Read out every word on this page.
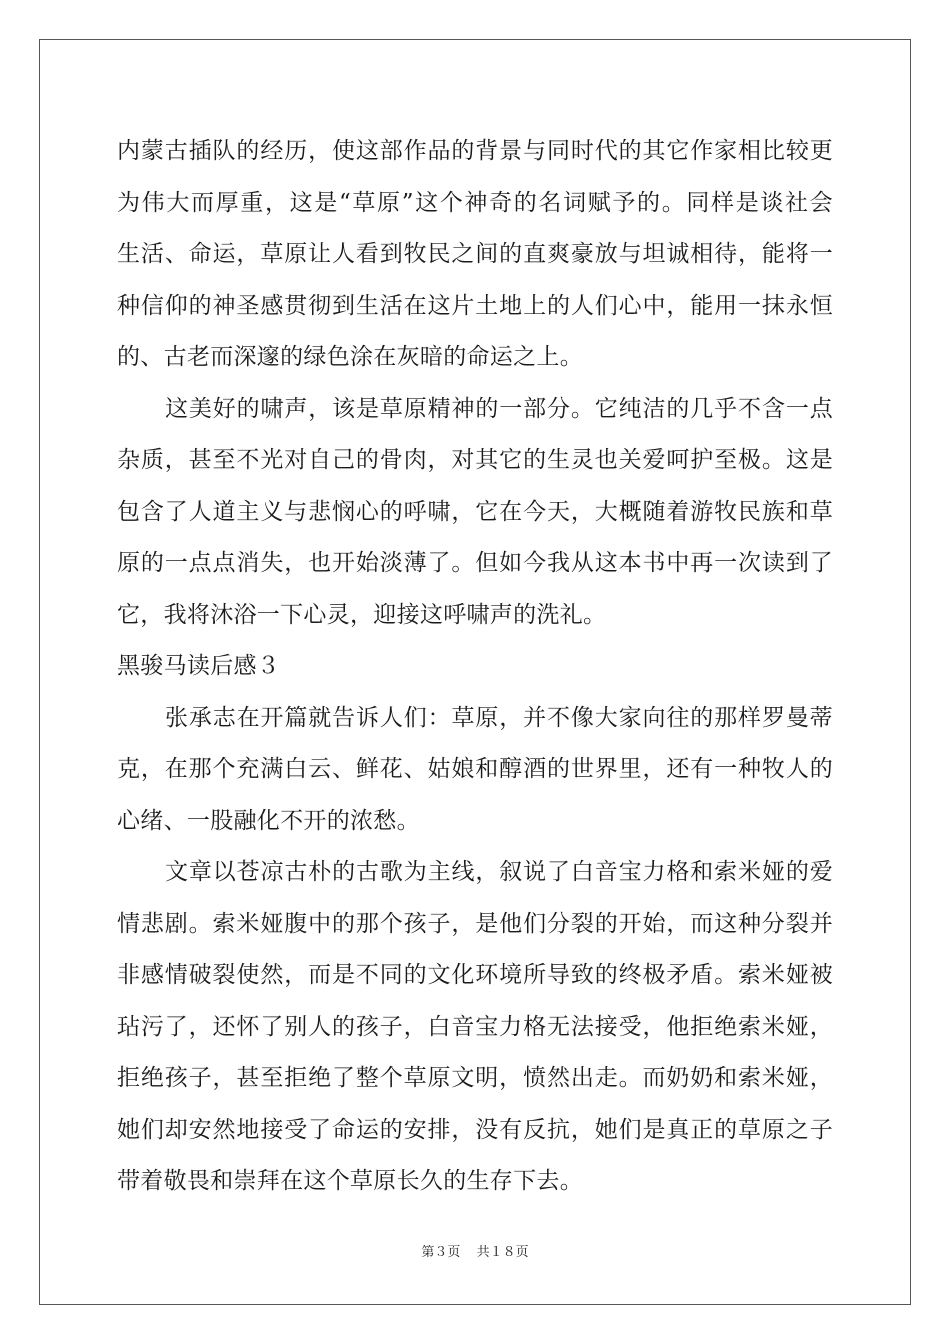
内蒙古插队的经历，使这部作品的背景与同时代的其它作家相比较更
为伟大而厚重，这是“草原”这个神奇的名词赋予的。同样是谈社会
生活、命运，草原让人看到牧民之间的直爽豪放与坦诚相待，能将一
种信仰的神圣感贯彻到生活在这片土地上的人们心中，能用一抹永恒
的、古老而深邃的绿色涂在灰暗的命运之上。
这美好的啸声，该是草原精神的一部分。它纯洁的几乎不含一点
杂质，甚至不光对自己的骨肉，对其它的生灵也关爱呵护至极。这是
包含了人道主义与悲悯心的呼啸，它在今天，大概随着游牧民族和草
原的一点点消失，也开始淡薄了。但如今我从这本书中再一次读到了
它，我将沐浴一下心灵，迎接这呼啸声的洗礼。
黑骏马读后感３
张承志在开篇就告诉人们：草原，并不像大家向往的那样罗曼蒂
克，在那个充满白云、鲜花、姑娘和醇酒的世界里，还有一种牧人的
心绪、一股融化不开的浓愁。
文章以苍凉古朴的古歌为主线，叙说了白音宝力格和索米娅的爱
情悲剧。索米娅腹中的那个孩子，是他们分裂的开始，而这种分裂并
非感情破裂使然，而是不同的文化环境所导致的终极矛盾。索米娅被
玷污了，还怀了别人的孩子，白音宝力格无法接受，他拒绝索米娅，
拒绝孩子，甚至拒绝了整个草原文明，愤然出走。而奶奶和索米娅，
她们却安然地接受了命运的安排，没有反抗，她们是真正的草原之子
带着敬畏和崇拜在这个草原长久的生存下去。
第３页 共１８页
